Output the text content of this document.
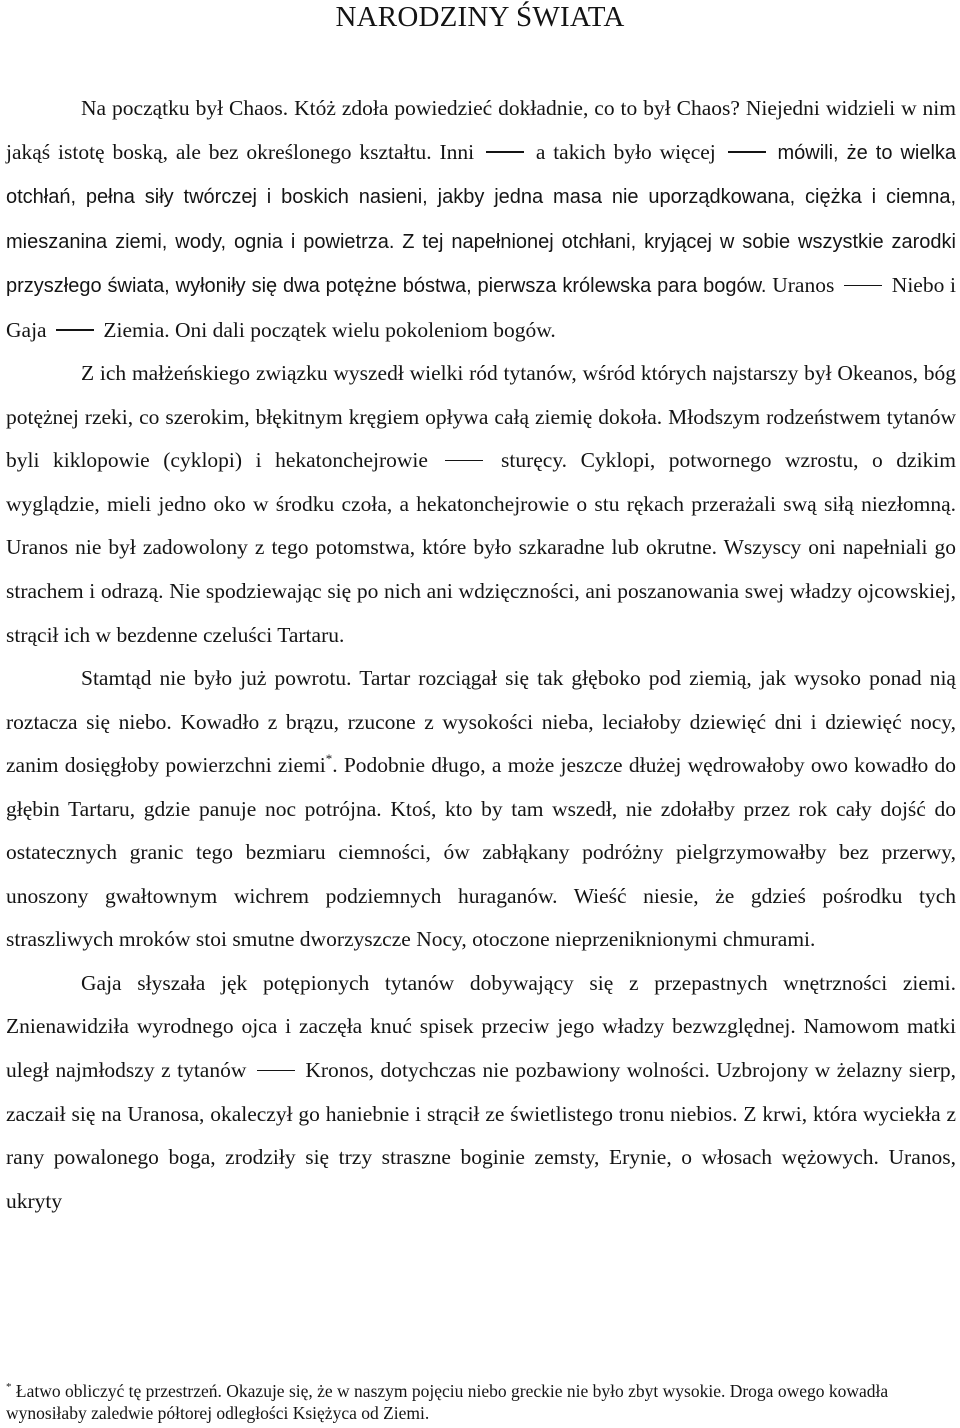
NARODZINY ŚWIATA

Na początku był Chaos. Któż zdoła powiedzieć dokładnie, co to był Chaos? Niejedni widzieli w nim jakąś istotę boską, ale bez określonego kształtu. Inni	a takich było więcej	mówili, że to wielka otchłań, pełna siły twórczej i boskich nasieni, jakby jedna masa nie uporządkowana, ciężka i ciemna, mieszanina ziemi, wody, ognia i powietrza. Z tej napełnionej otchłani, kryjącej w sobie wszystkie zarodki przyszłego świata, wyłoniły się dwa potężne bóstwa, pierwsza królewska para bogów. Uranos	Niebo i Gaja	Ziemia. Oni dali początek wielu pokoleniom bogów.

Z ich małżeńskiego związku wyszedł wielki ród tytanów, wśród których najstarszy był Okeanos, bóg potężnej rzeki, co szerokim, błękitnym kręgiem opływa całą ziemię dokoła. Młodszym rodzeństwem tytanów byli kiklopowie (cyklopi) i hekatonchejrowie	sturęcy. Cyklopi, potwornego wzrostu, o dzikim wyglądzie, mieli jedno oko w środku czoła, a hekatonchejrowie o stu rękach przerażali swą siłą niezłomną. Uranos nie był zadowolony z tego potomstwa, które było szkaradne lub okrutne. Wszyscy oni napełniali go strachem i odrazą. Nie spodziewając się po nich ani wdzięczności, ani poszanowania swej władzy ojcowskiej, strącił ich w bezdenne czeluści Tartaru.

Stamtąd nie było już powrotu. Tartar rozciągał się tak głęboko pod ziemią, jak wysoko ponad nią roztacza się niebo. Kowadło z brązu, rzucone z wysokości nieba, leciałoby dziewięć dni i dziewięć nocy, zanim dosięgłoby powierzchni ziemi*. Podobnie długo, a może jeszcze dłużej wędrowałoby owo kowadło do głębin Tartaru, gdzie panuje noc potrójna. Ktoś, kto by tam wszedł, nie zdołałby przez rok cały dojść do ostatecznych granic tego bezmiaru ciemności, ów zabłąkany podróżny pielgrzymowałby bez przerwy, unoszony gwałtownym wichrem podziemnych huraganów. Wieść niesie, że gdzieś pośrodku tych straszliwych mroków stoi smutne dworzyszcze Nocy, otoczone nieprzeniknionymi chmurami.

Gaja słyszała jęk potępionych tytanów dobywający się z przepastnych wnętrzności ziemi. Znienawidziła wyrodnego ojca i zaczęła knuć spisek przeciw jego władzy bezwzględnej. Namowom matki uległ najmłodszy z tytanów	Kronos, dotychczas nie pozbawiony wolności. Uzbrojony w żelazny sierp, zaczaił się na Uranosa, okaleczył go haniebnie i strącił ze świetlistego tronu niebios. Z krwi, która wyciekła z rany powalonego boga, zrodziły się trzy straszne boginie zemsty, Erynie, o włosach wężowych. Uranos, ukryty

* Łatwo obliczyć tę przestrzeń. Okazuje się, że w naszym pojęciu niebo greckie nie było zbyt wysokie. Droga owego kowadła wynosiłaby zaledwie półtorej odległości Księżyca od Ziemi.
